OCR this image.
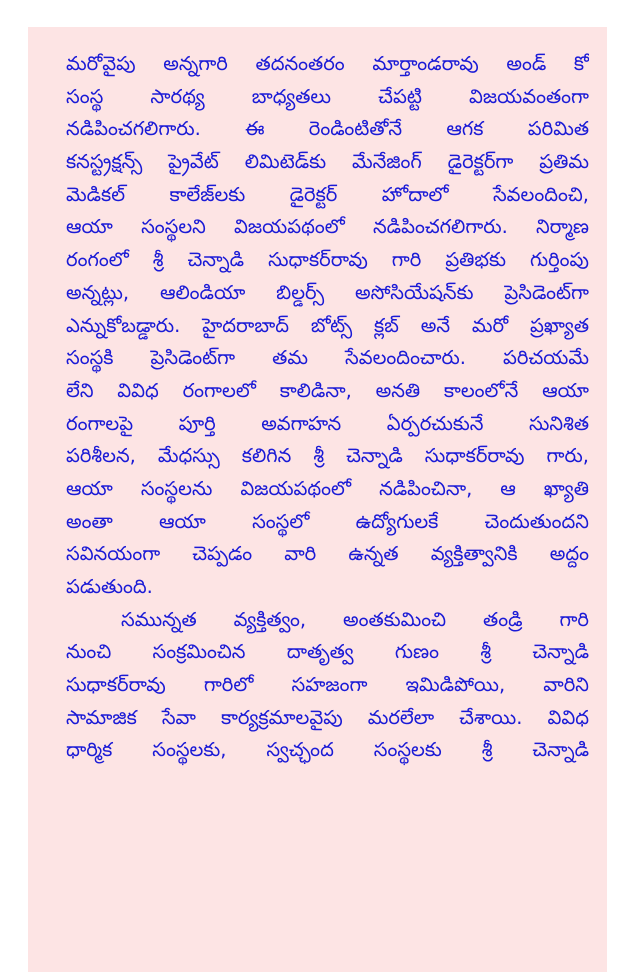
మరోవైపు అన్నగారి తదనంతరం మార్తాండరావు అండ్ కో
సంస్థ సారథ్య బాధ్యతలు చేపట్టి విజయవంతంగా
నడిపించగలిగారు. ఈ రెండింటితోనే ఆగక పరిమిత
కనస్ట్రక్షన్స్ ప్రైవేట్ లిమిటెడ్‌కు మేనేజింగ్ డైరెక్టర్‌గా ప్రతిమ
మెడికల్ కాలేజ్‌లకు డైరెక్టర్ హోదాలో సేవలందించి,
ఆయా సంస్థలని విజయపథంలో నడిపించగలిగారు. నిర్మాణ
రంగంలో శ్రీ చెన్నాడి సుధాకర్‌రావు గారి ప్రతిభకు గుర్తింపు
అన్నట్లు, ఆలిండియా బిల్డర్స్ అసోసియేషన్‌కు ప్రెసిడెంట్‌గా
ఎన్నుకోబడ్డారు. హైదరాబాద్ బోట్స్ క్లబ్ అనే మరో ప్రఖ్యాత
సంస్థకి ప్రెసిడెంట్‌గా తమ సేవలందించారు. పరిచయమే
లేని వివిధ రంగాలలో కాలిడినా, అనతి కాలంలోనే ఆయా
రంగాలపై పూర్తి అవగాహన ఏర్పరచుకునే సునిశిత
పరిశీలన, మేధస్సు కలిగిన శ్రీ చెన్నాడి సుధాకర్‌రావు గారు,
ఆయా సంస్థలను విజయపథంలో నడిపించినా, ఆ ఖ్యాతి
అంతా ఆయా సంస్థలో ఉద్యోగులకే చెందుతుందని
సవినయంగా చెప్పడం వారి ఉన్నత వ్యక్తిత్వానికి అద్దం
పడుతుంది.

సమున్నత వ్యక్తిత్వం, అంతకుమించి తండ్రి గారి
నుంచి సంక్రమించిన దాతృత్వ గుణం శ్రీ చెన్నాడి
సుధాకర్‌రావు గారిలో సహజంగా ఇమిడిపోయి, వారిని
సామాజిక సేవా కార్యక్రమాలవైపు మరలేలా చేశాయి. వివిధ
ధార్మిక సంస్థలకు, స్వచ్ఛంద సంస్థలకు శ్రీ చెన్నాడి
